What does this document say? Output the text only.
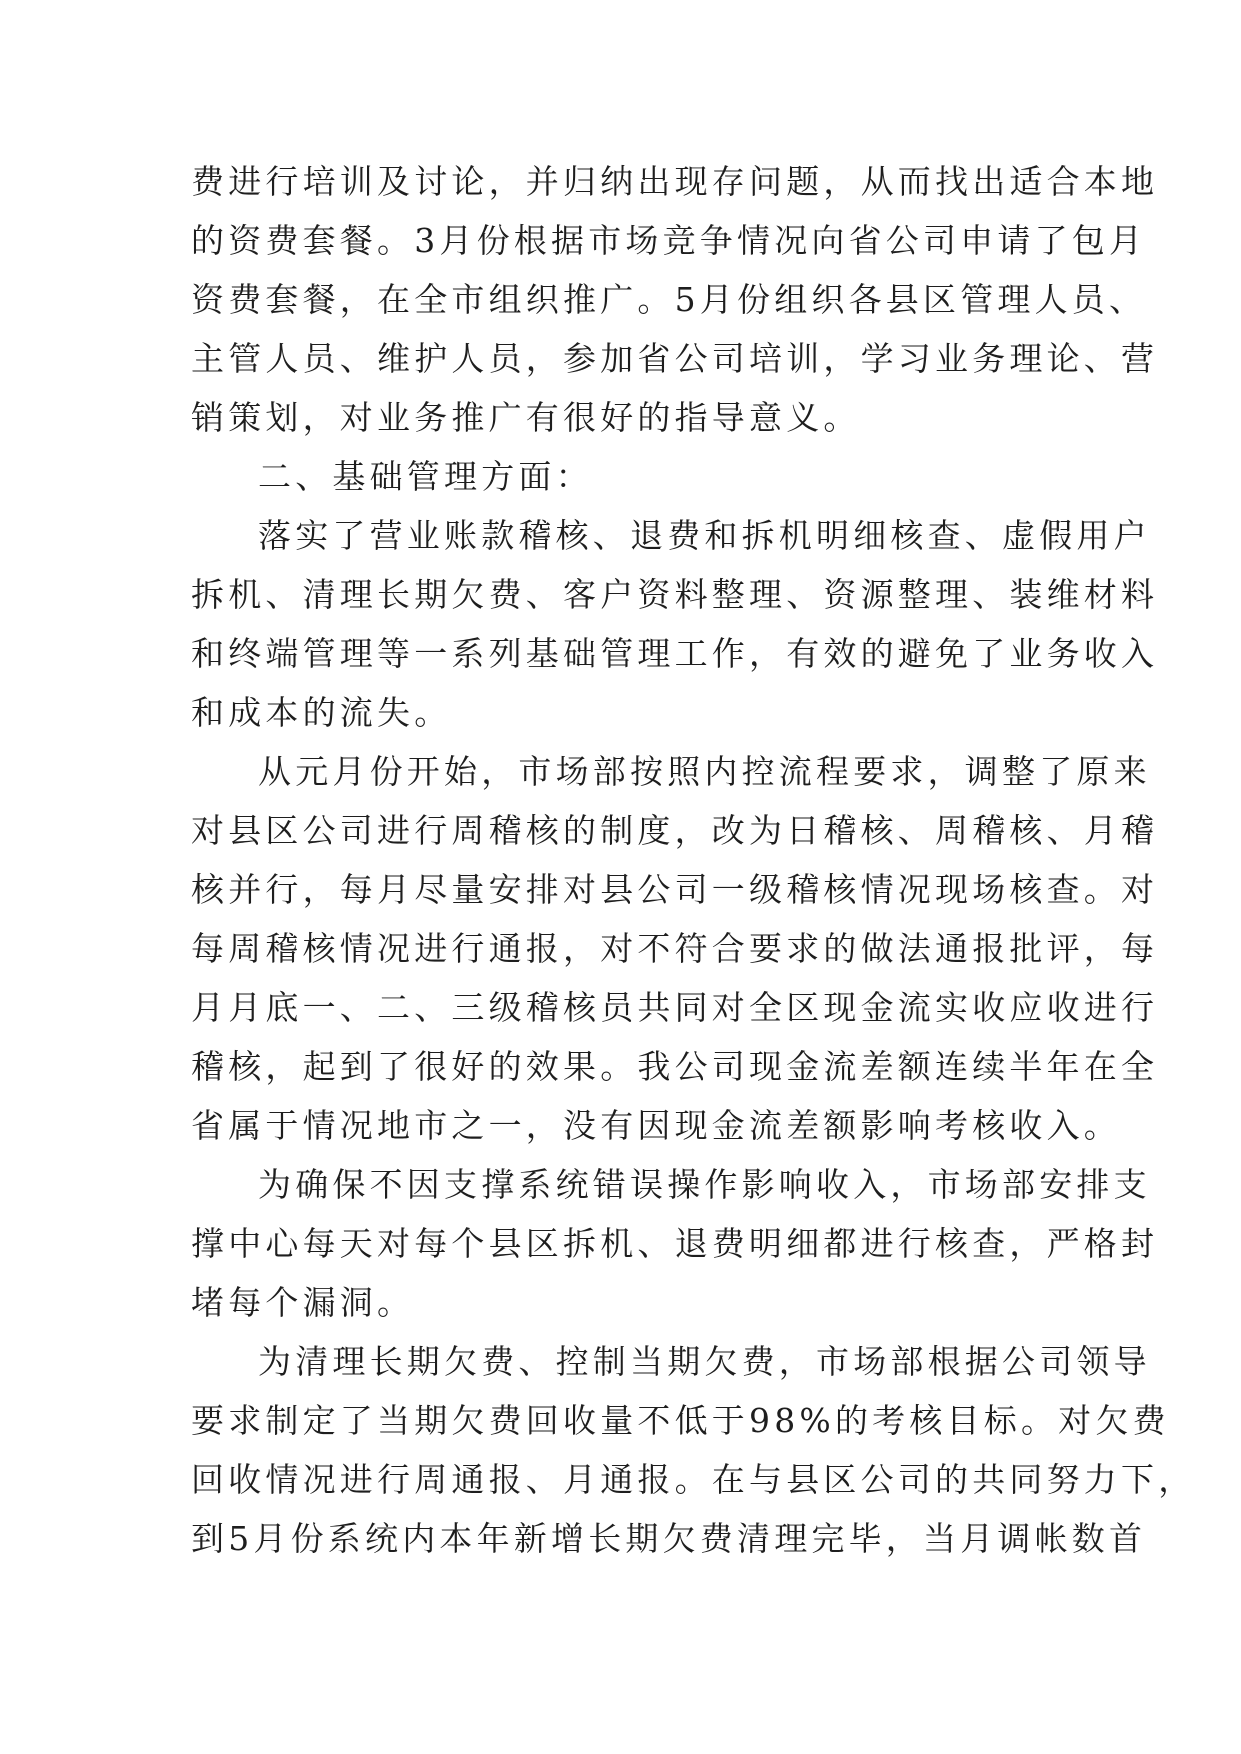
费进行培训及讨论，并归纳出现存问题，从而找出适合本地
的资费套餐。3月份根据市场竞争情况向省公司申请了包月
资费套餐，在全市组织推广。5月份组织各县区管理人员、
主管人员、维护人员，参加省公司培训，学习业务理论、营
销策划，对业务推广有很好的指导意义。
二、基础管理方面：
落实了营业账款稽核、退费和拆机明细核查、虚假用户
拆机、清理长期欠费、客户资料整理、资源整理、装维材料
和终端管理等一系列基础管理工作，有效的避免了业务收入
和成本的流失。
从元月份开始，市场部按照内控流程要求，调整了原来
对县区公司进行周稽核的制度，改为日稽核、周稽核、月稽
核并行，每月尽量安排对县公司一级稽核情况现场核查。对
每周稽核情况进行通报，对不符合要求的做法通报批评，每
月月底一、二、三级稽核员共同对全区现金流实收应收进行
稽核，起到了很好的效果。我公司现金流差额连续半年在全
省属于情况地市之一，没有因现金流差额影响考核收入。
为确保不因支撑系统错误操作影响收入，市场部安排支
撑中心每天对每个县区拆机、退费明细都进行核查，严格封
堵每个漏洞。
为清理长期欠费、控制当期欠费，市场部根据公司领导
要求制定了当期欠费回收量不低于98%的考核目标。对欠费
回收情况进行周通报、月通报。在与县区公司的共同努力下，
到5月份系统内本年新增长期欠费清理完毕，当月调帐数首
